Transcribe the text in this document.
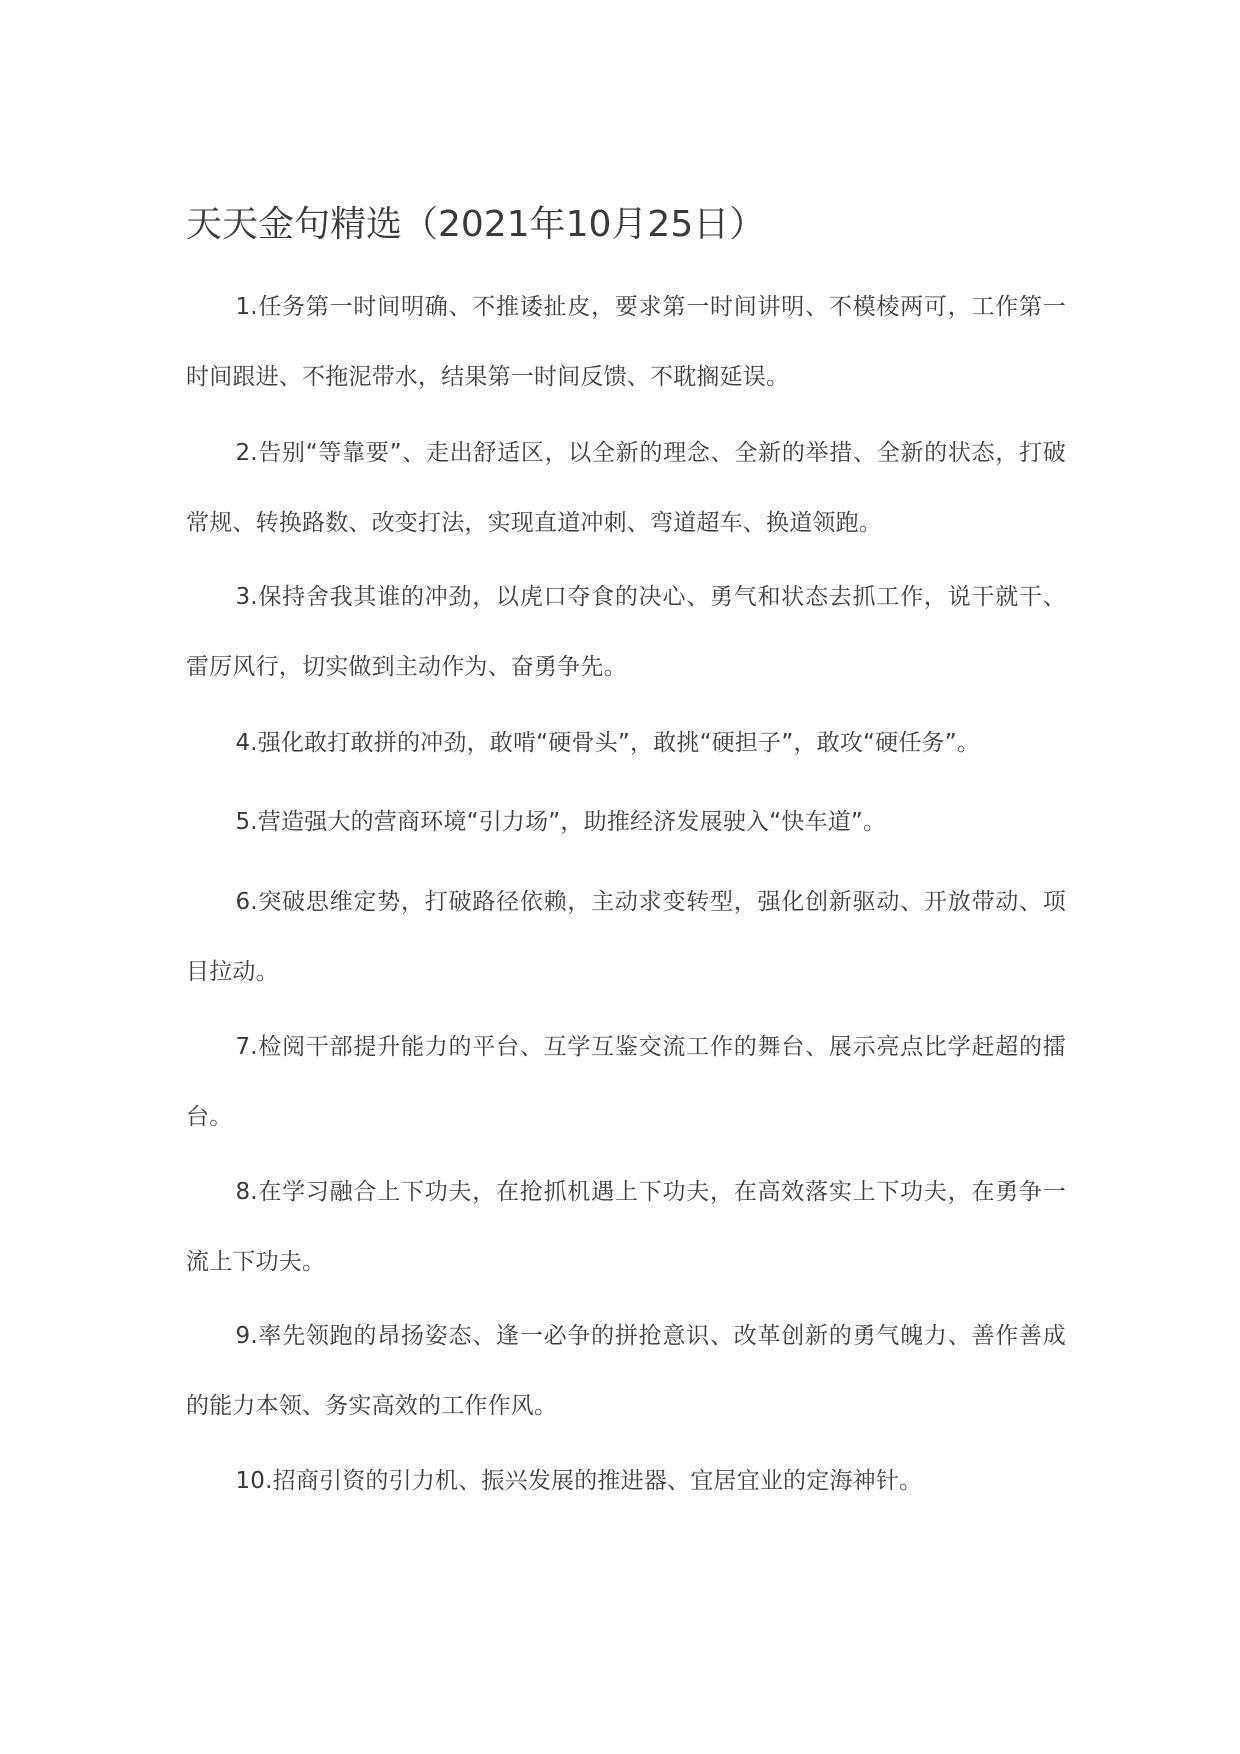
天天金句精选（2021年10月25日）

1.任务第一时间明确、不推诿扯皮，要求第一时间讲明、不模棱两可，工作第一时间跟进、不拖泥带水，结果第一时间反馈、不耽搁延误。

2.告别“等靠要”、走出舒适区，以全新的理念、全新的举措、全新的状态，打破常规、转换路数、改变打法，实现直道冲刺、弯道超车、换道领跑。

3.保持舍我其谁的冲劲，以虎口夺食的决心、勇气和状态去抓工作，说干就干、雷厉风行，切实做到主动作为、奋勇争先。

4.强化敢打敢拼的冲劲，敢啃“硬骨头”，敢挑“硬担子”，敢攻“硬任务”。

5.营造强大的营商环境“引力场”，助推经济发展驶入“快车道”。

6.突破思维定势，打破路径依赖，主动求变转型，强化创新驱动、开放带动、项目拉动。

7.检阅干部提升能力的平台、互学互鉴交流工作的舞台、展示亮点比学赶超的擂台。

8.在学习融合上下功夫，在抢抓机遇上下功夫，在高效落实上下功夫，在勇争一流上下功夫。

9.率先领跑的昂扬姿态、逢一必争的拼抢意识、改革创新的勇气魄力、善作善成的能力本领、务实高效的工作作风。

10.招商引资的引力机、振兴发展的推进器、宜居宜业的定海神针。
